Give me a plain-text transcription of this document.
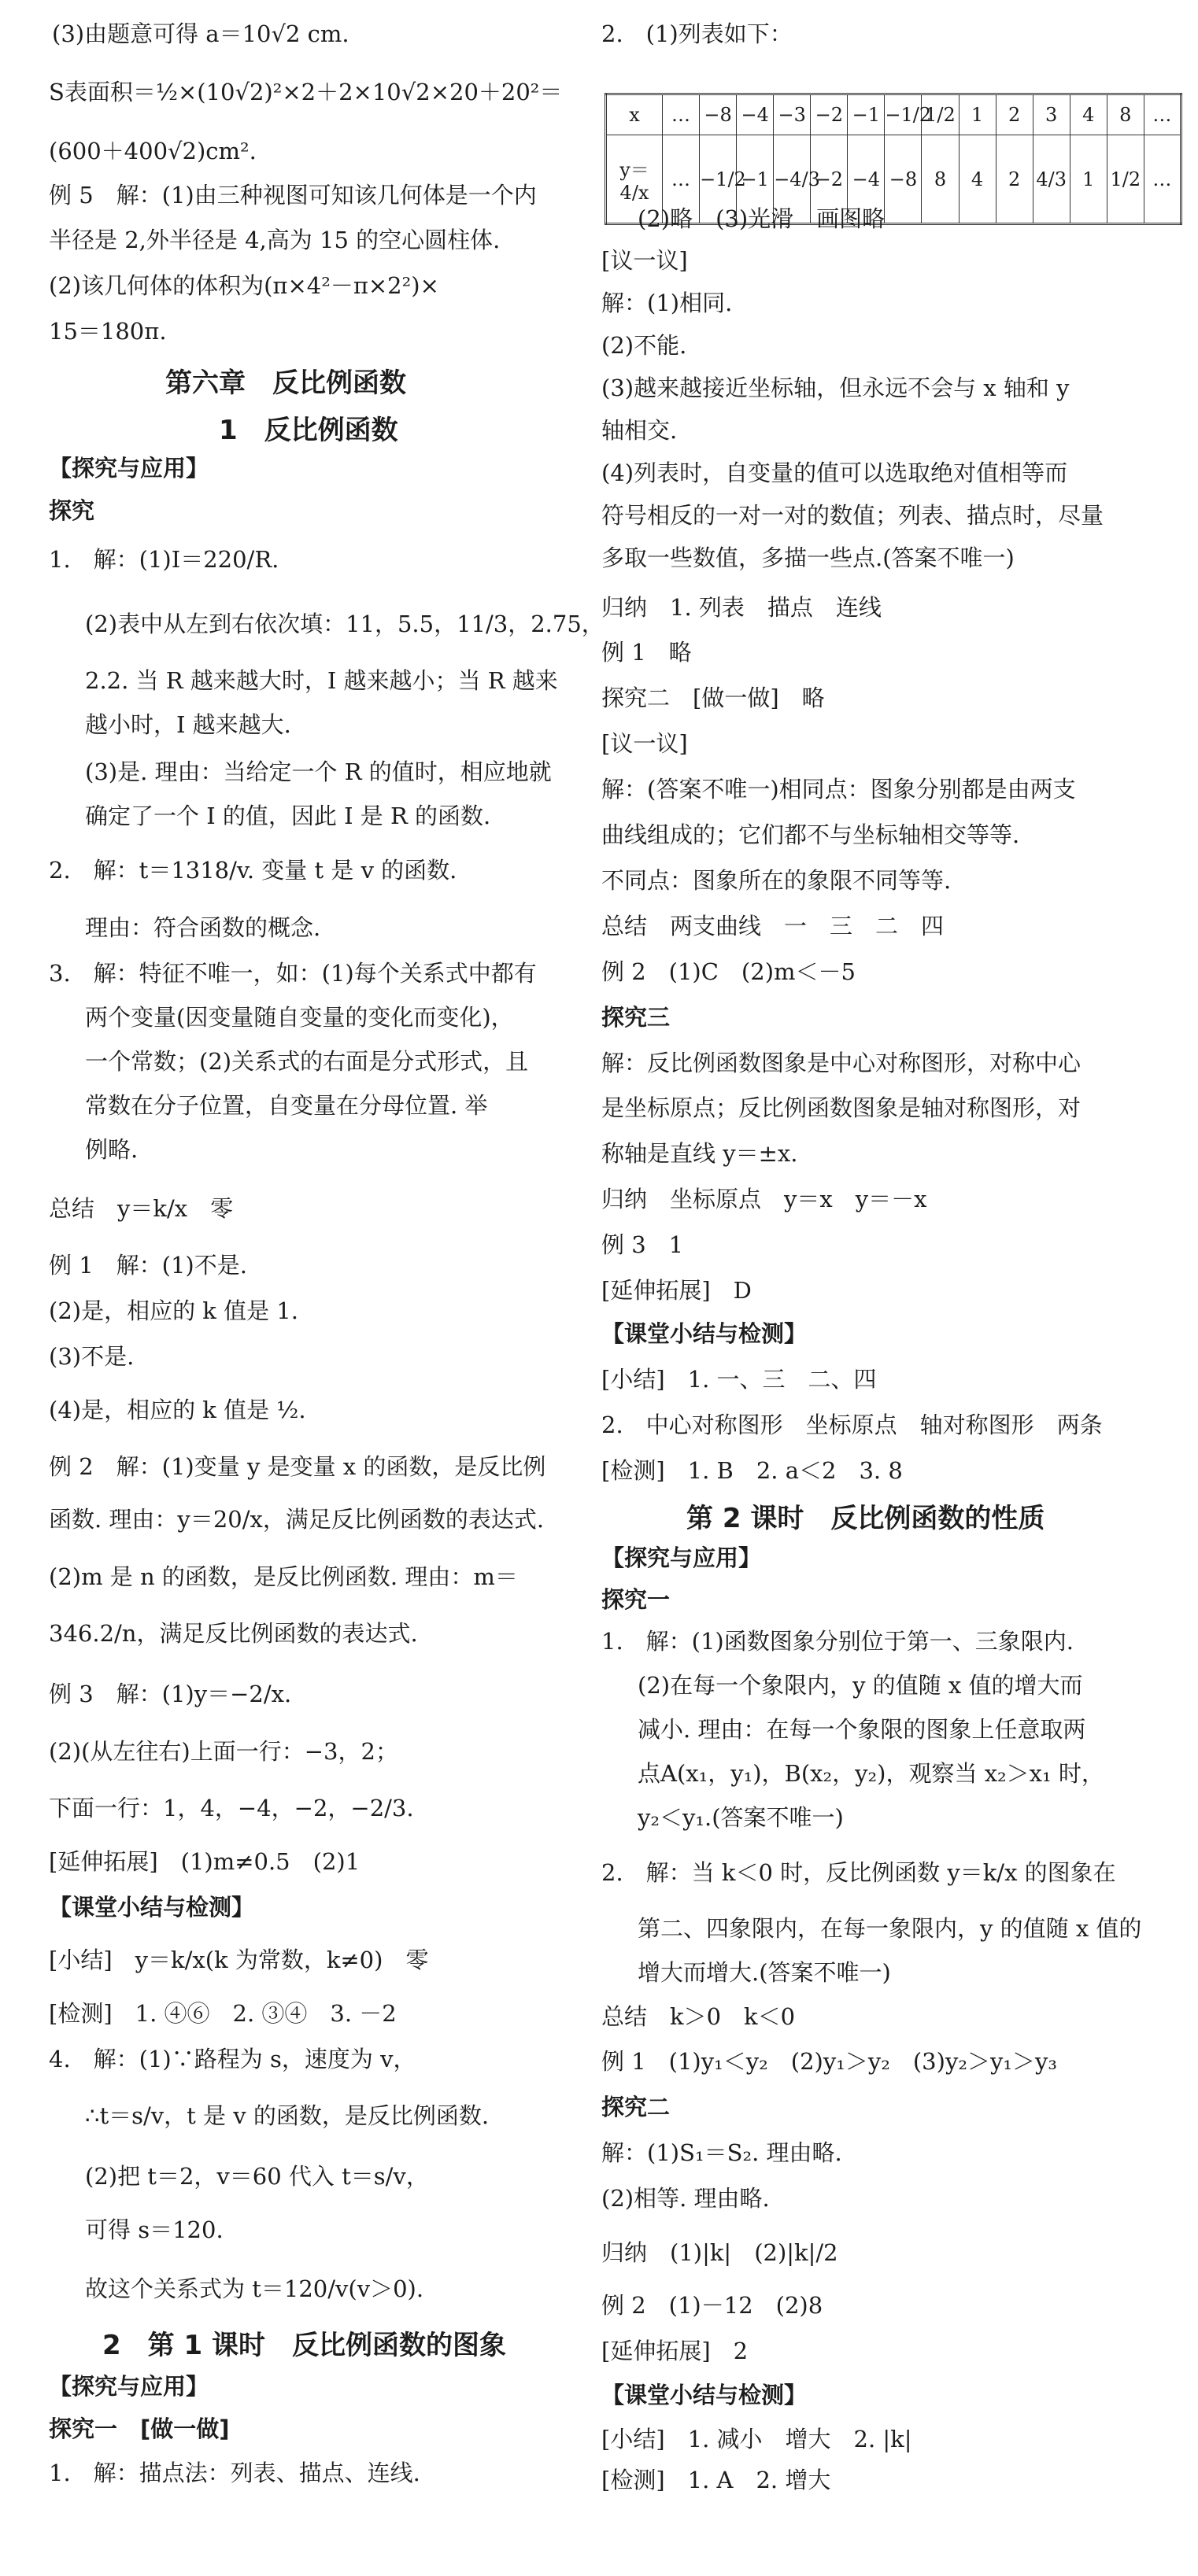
(3)由题意可得 a＝10√2 cm.
S表面积＝½×(10√2)²×2＋2×10√2×20＋20²＝
(600＋400√2)cm².
例 5　解：(1)由三种视图可知该几何体是一个内
半径是 2,外半径是 4,高为 15 的空心圆柱体.
(2)该几何体的体积为(π×4²－π×2²)×
15＝180π.
第六章　反比例函数
1　反比例函数
【探究与应用】
探究
1.　解：(1)I＝220/R.
(2)表中从左到右依次填：11，5.5，11/3，2.75，
2.2. 当 R 越来越大时，I 越来越小；当 R 越来
越小时，I 越来越大.
(3)是. 理由：当给定一个 R 的值时，相应地就
确定了一个 I 的值，因此 I 是 R 的函数.
2.　解：t＝1318/v. 变量 t 是 v 的函数.
理由：符合函数的概念.
3.　解：特征不唯一，如：(1)每个关系式中都有
两个变量(因变量随自变量的变化而变化)，
一个常数；(2)关系式的右面是分式形式，且
常数在分子位置，自变量在分母位置. 举
例略.
总结　y＝k/x　零
例 1　解：(1)不是.
(2)是，相应的 k 值是 1.
(3)不是.
(4)是，相应的 k 值是 ½.
例 2　解：(1)变量 y 是变量 x 的函数，是反比例
函数. 理由：y＝20/x，满足反比例函数的表达式.
(2)m 是 n 的函数，是反比例函数. 理由：m＝
346.2/n，满足反比例函数的表达式.
例 3　解：(1)y＝−2/x.
(2)(从左往右)上面一行：−3，2；
下面一行：1，4，−4，−2，−2/3.
[延伸拓展]　(1)m≠0.5　(2)1
【课堂小结与检测】
[小结]　y＝k/x(k 为常数，k≠0)　零
[检测]　1. ④⑥　2. ③④　3. －2
4.　解：(1)∵路程为 s，速度为 v，
∴t＝s/v，t 是 v 的函数，是反比例函数.
(2)把 t＝2，v＝60 代入 t＝s/v，
可得 s＝120.
故这个关系式为 t＝120/v(v＞0).
2　第 1 课时　反比例函数的图象
【探究与应用】
探究一　[做一做]
1.　解：描点法：列表、描点、连线.
x	…	−8	−4	−3	−2	−1	−1/2	1/2	1	2	3	4	8	…
y＝4/x	…	−1/2	−1	−4/3	−2	−4	−8	8	4	2	4/3	1	1/2	…
2.　(1)列表如下：
(2)略　(3)光滑　画图略
[议一议]
解：(1)相同.
(2)不能.
(3)越来越接近坐标轴，但永远不会与 x 轴和 y
轴相交.
(4)列表时，自变量的值可以选取绝对值相等而
符号相反的一对一对的数值；列表、描点时，尽量
多取一些数值，多描一些点.(答案不唯一)
归纳　1. 列表　描点　连线
例 1　略
探究二　[做一做]　略
[议一议]
解：(答案不唯一)相同点：图象分别都是由两支
曲线组成的；它们都不与坐标轴相交等等.
不同点：图象所在的象限不同等等.
总结　两支曲线　一　三　二　四
例 2　(1)C　(2)m＜－5
探究三
解：反比例函数图象是中心对称图形，对称中心
是坐标原点；反比例函数图象是轴对称图形，对
称轴是直线 y＝±x.
归纳　坐标原点　y＝x　y＝－x
例 3　1
[延伸拓展]　D
【课堂小结与检测】
[小结]　1. 一、三　二、四
2.　中心对称图形　坐标原点　轴对称图形　两条
[检测]　1. B　2. a＜2　3. 8
第 2 课时　反比例函数的性质
【探究与应用】
探究一
1.　解：(1)函数图象分别位于第一、三象限内.
(2)在每一个象限内，y 的值随 x 值的增大而
减小. 理由：在每一个象限的图象上任意取两
点A(x₁，y₁)，B(x₂，y₂)，观察当 x₂＞x₁ 时，
y₂＜y₁.(答案不唯一)
2.　解：当 k＜0 时，反比例函数 y＝k/x 的图象在
第二、四象限内，在每一象限内，y 的值随 x 值的
增大而增大.(答案不唯一)
总结　k＞0　k＜0
例 1　(1)y₁＜y₂　(2)y₁＞y₂　(3)y₂＞y₁＞y₃
探究二
解：(1)S₁＝S₂. 理由略.
(2)相等. 理由略.
归纳　(1)|k|　(2)|k|/2
例 2　(1)－12　(2)8
[延伸拓展]　2
【课堂小结与检测】
[小结]　1. 减小　增大　2. |k|
[检测]　1. A　2. 增大
